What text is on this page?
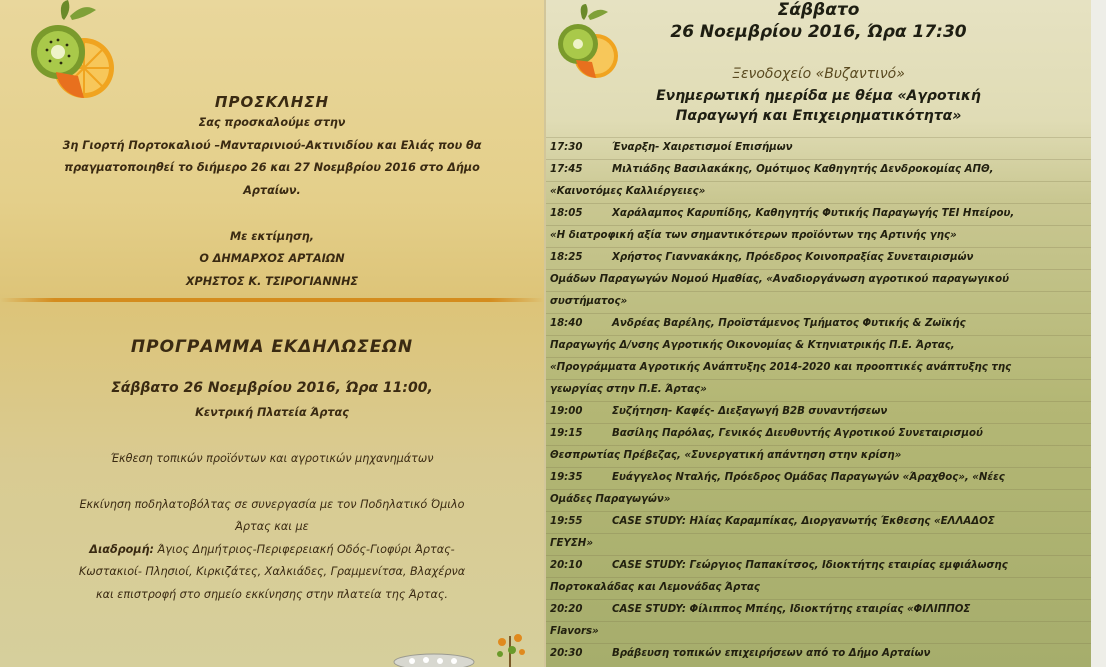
ΠΡΟΣΚΛΗΣΗ
Σας προσκαλούμε στην
3η Γιορτή Πορτοκαλιού –Μανταρινιού-Ακτινιδίου και Ελιάς που θα
πραγματοποιηθεί το διήμερο 26 και 27 Νοεμβρίου 2016 στο Δήμο
Αρταίων.
Με εκτίμηση,
Ο ΔΗΜΑΡΧΟΣ ΑΡΤΑΙΩΝ
ΧΡΗΣΤΟΣ Κ. ΤΣΙΡΟΓΙΑΝΝΗΣ
ΠΡΟΓΡΑΜΜΑ ΕΚΔΗΛΩΣΕΩΝ
Σάββατο 26 Νοεμβρίου 2016, Ώρα 11:00,
Κεντρική Πλατεία Άρτας
Έκθεση τοπικών προϊόντων και αγροτικών μηχανημάτων
Εκκίνηση ποδηλατοβόλτας σε συνεργασία με τον Ποδηλατικό Όμιλο
Άρτας και με
Διαδρομή: Άγιος Δημήτριος-Περιφερειακή Οδός-Γιοφύρι Άρτας-
Κωστακιοί- Πλησιοί, Κιρκιζάτες, Χαλκιάδες, Γραμμενίτσα, Βλαχέρνα
και επιστροφή στο σημείο εκκίνησης στην πλατεία της Άρτας.
Σάββατο
26 Νοεμβρίου 2016, Ώρα 17:30
Ξενοδοχείο «Βυζαντινό»
Ενημερωτική ημερίδα με θέμα «Αγροτική
Παραγωγή και Επιχειρηματικότητα»
17:30	Έναρξη- Χαιρετισμοί Επισήμων
17:45	Μιλτιάδης Βασιλακάκης, Ομότιμος Καθηγητής Δενδροκομίας ΑΠΘ,
«Καινοτόμες Καλλιέργειες»
18:05	Χαράλαμπος Καρυπίδης, Καθηγητής Φυτικής Παραγωγής ΤΕΙ Ηπείρου,
«Η διατροφική αξία των σημαντικότερων προϊόντων της Αρτινής γης»
18:25	Χρήστος Γιαννακάκης, Πρόεδρος Κοινοπραξίας Συνεταιρισμών
Ομάδων Παραγωγών Νομού Ημαθίας, «Αναδιοργάνωση αγροτικού παραγωγικού
συστήματος»
18:40	Ανδρέας Βαρέλης, Προϊστάμενος Τμήματος Φυτικής & Ζωϊκής
Παραγωγής Δ/νσης Αγροτικής Οικονομίας & Κτηνιατρικής Π.Ε. Άρτας,
«Προγράμματα Αγροτικής Ανάπτυξης 2014-2020 και προοπτικές ανάπτυξης της
γεωργίας στην Π.Ε. Άρτας»
19:00	Συζήτηση- Καφές- Διεξαγωγή Β2Β συναντήσεων
19:15	Βασίλης Παρόλας, Γενικός Διευθυντής Αγροτικού Συνεταιρισμού
Θεσπρωτίας Πρέβεζας, «Συνεργατική απάντηση στην κρίση»
19:35	Ευάγγελος Νταλής, Πρόεδρος Ομάδας Παραγωγών «Άραχθος», «Νέες
Ομάδες Παραγωγών»
19:55	CASE STUDY: Ηλίας Καραμπίκας, Διοργανωτής Έκθεσης «ΕΛΛΑΔΟΣ
ΓΕΥΣΗ»
20:10	CASE STUDY: Γεώργιος Παπακίτσος, Ιδιοκτήτης εταιρίας εμφιάλωσης
Πορτοκαλάδας και Λεμονάδας Άρτας
20:20	CASE STUDY: Φίλιππος Μπέης, Ιδιοκτήτης εταιρίας «ΦΙΛΙΠΠΟΣ
Flavors»
20:30	Βράβευση τοπικών επιχειρήσεων από το Δήμο Αρταίων
